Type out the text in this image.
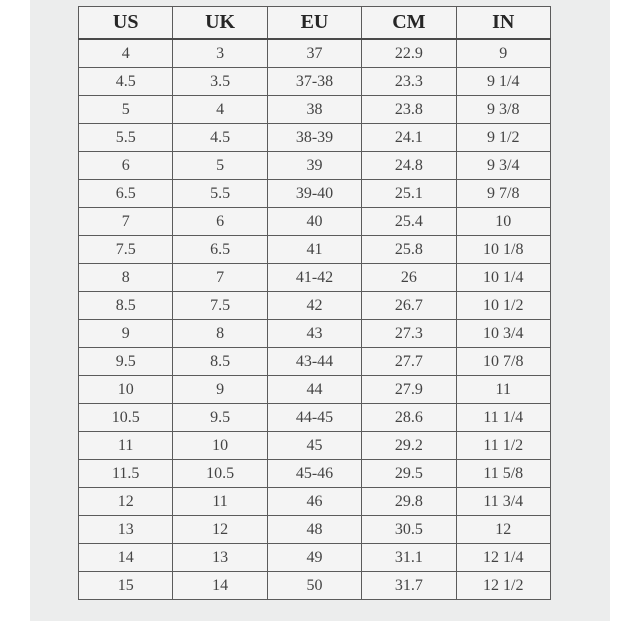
US	UK	EU	CM	IN
4	3	37	22.9	9
4.5	3.5	37-38	23.3	9 1/4
5	4	38	23.8	9 3/8
5.5	4.5	38-39	24.1	9 1/2
6	5	39	24.8	9 3/4
6.5	5.5	39-40	25.1	9 7/8
7	6	40	25.4	10
7.5	6.5	41	25.8	10 1/8
8	7	41-42	26	10 1/4
8.5	7.5	42	26.7	10 1/2
9	8	43	27.3	10 3/4
9.5	8.5	43-44	27.7	10 7/8
10	9	44	27.9	11
10.5	9.5	44-45	28.6	11 1/4
11	10	45	29.2	11 1/2
11.5	10.5	45-46	29.5	11 5/8
12	11	46	29.8	11 3/4
13	12	48	30.5	12
14	13	49	31.1	12 1/4
15	14	50	31.7	12 1/2
